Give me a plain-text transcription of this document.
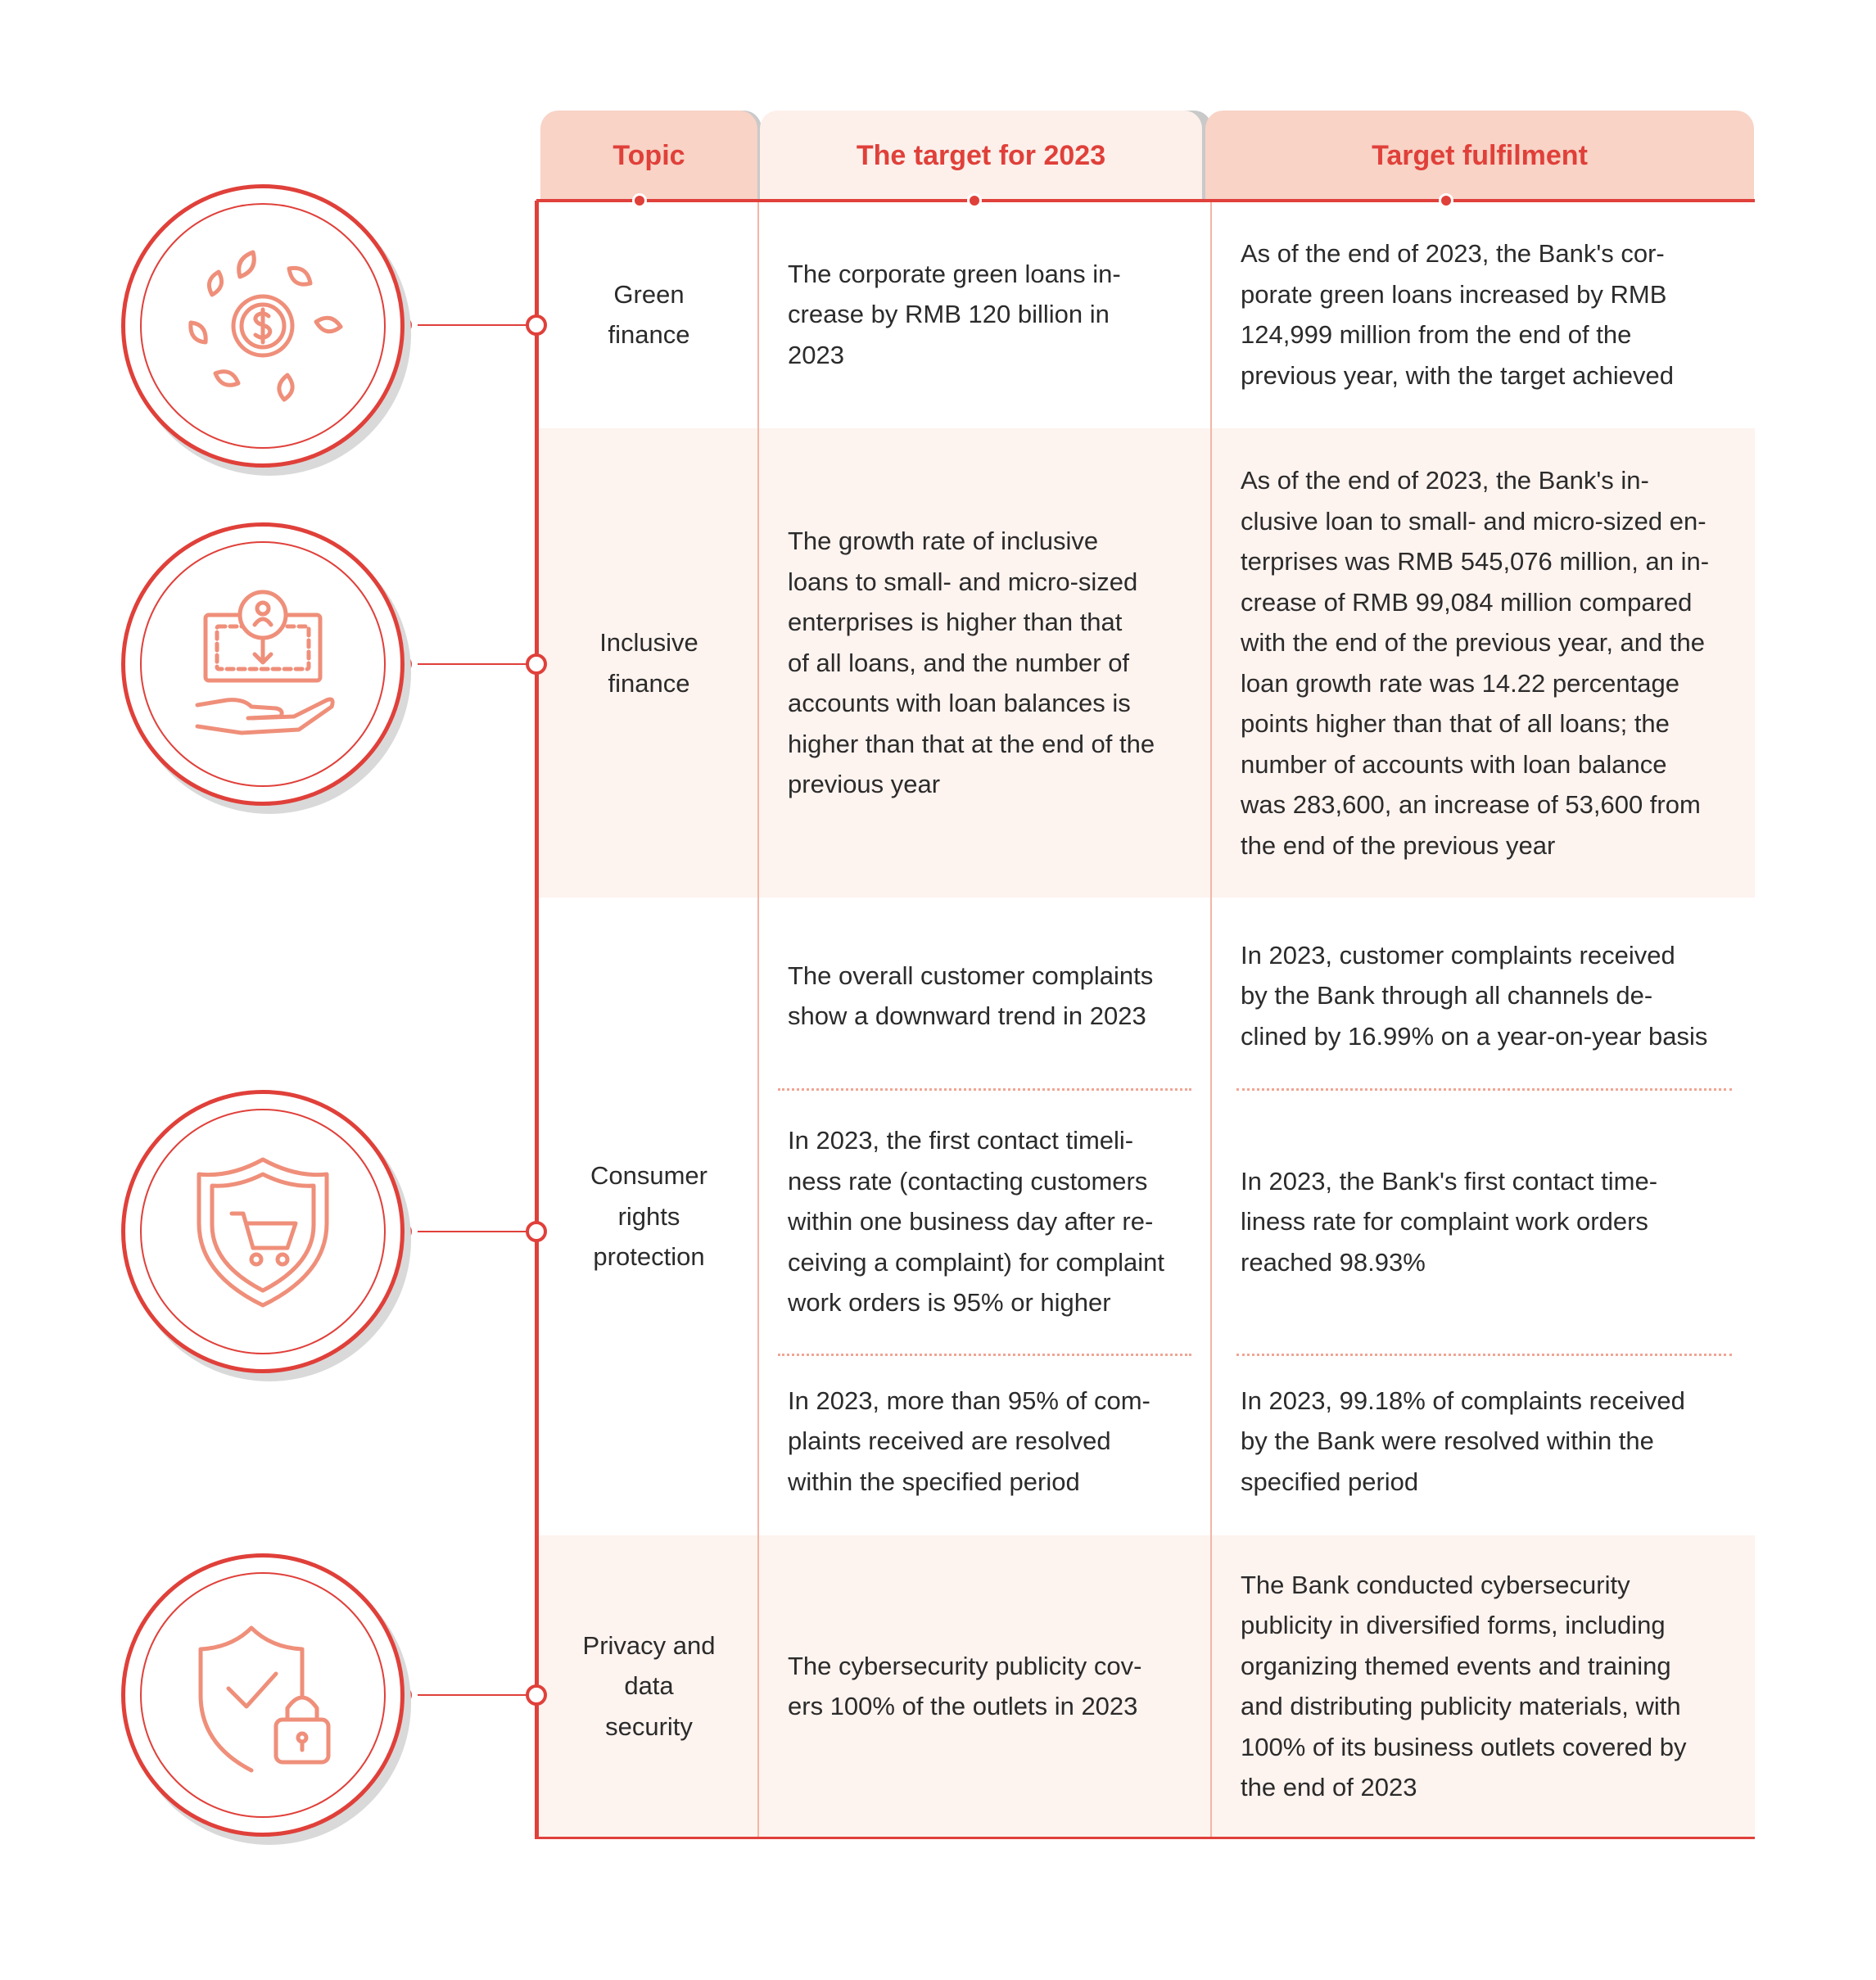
Topic	The target for 2023	Target fulfilment
Green
finance
The corporate green loans in-
crease by RMB 120 billion in
2023
As of the end of 2023, the Bank's cor-
porate green loans increased by RMB
124,999 million from the end of the
previous year, with the target achieved
Inclusive
finance
The growth rate of inclusive
loans to small- and micro-sized
enterprises is higher than that
of all loans, and the number of
accounts with loan balances is
higher than that at the end of the
previous year
As of the end of 2023, the Bank's in-
clusive loan to small- and micro-sized en-
terprises was RMB 545,076 million, an in-
crease of RMB 99,084 million compared
with the end of the previous year, and the
loan growth rate was 14.22 percentage
points higher than that of all loans; the
number of accounts with loan balance
was 283,600, an increase of 53,600 from
the end of the previous year
Consumer
rights
protection
The overall customer complaints
show a downward trend in 2023
In 2023, customer complaints received
by the Bank through all channels de-
clined by 16.99% on a year-on-year basis
In 2023, the first contact timeli-
ness rate (contacting customers
within one business day after re-
ceiving a complaint) for complaint
work orders is 95% or higher
In 2023, the Bank's first contact time-
liness rate for complaint work orders
reached 98.93%
In 2023, more than 95% of com-
plaints received are resolved
within the specified period
In 2023, 99.18% of complaints received
by the Bank were resolved within the
specified period
Privacy and
data
security
The cybersecurity publicity cov-
ers 100% of the outlets in 2023
The Bank conducted cybersecurity
publicity in diversified forms, including
organizing themed events and training
and distributing publicity materials, with
100% of its business outlets covered by
the end of 2023
